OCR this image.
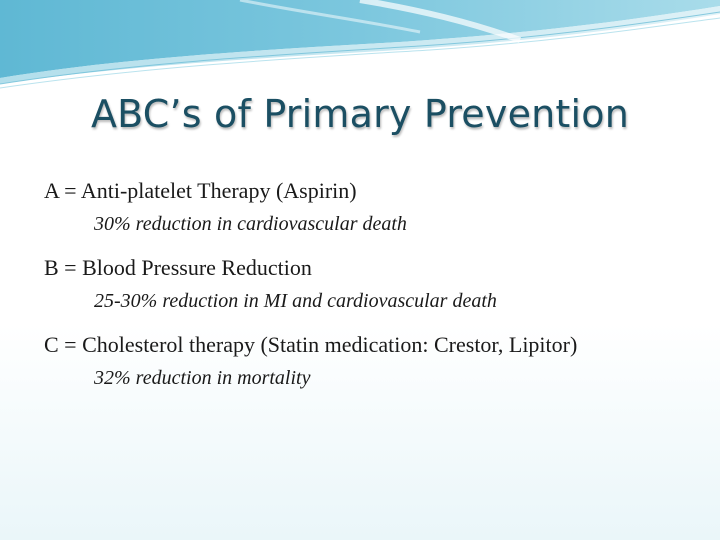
ABC’s of Primary Prevention
A = Anti-platelet Therapy (Aspirin)
30% reduction in cardiovascular death
B = Blood Pressure Reduction
25-30% reduction in MI and cardiovascular death
C = Cholesterol therapy (Statin medication: Crestor, Lipitor)
32% reduction in mortality
